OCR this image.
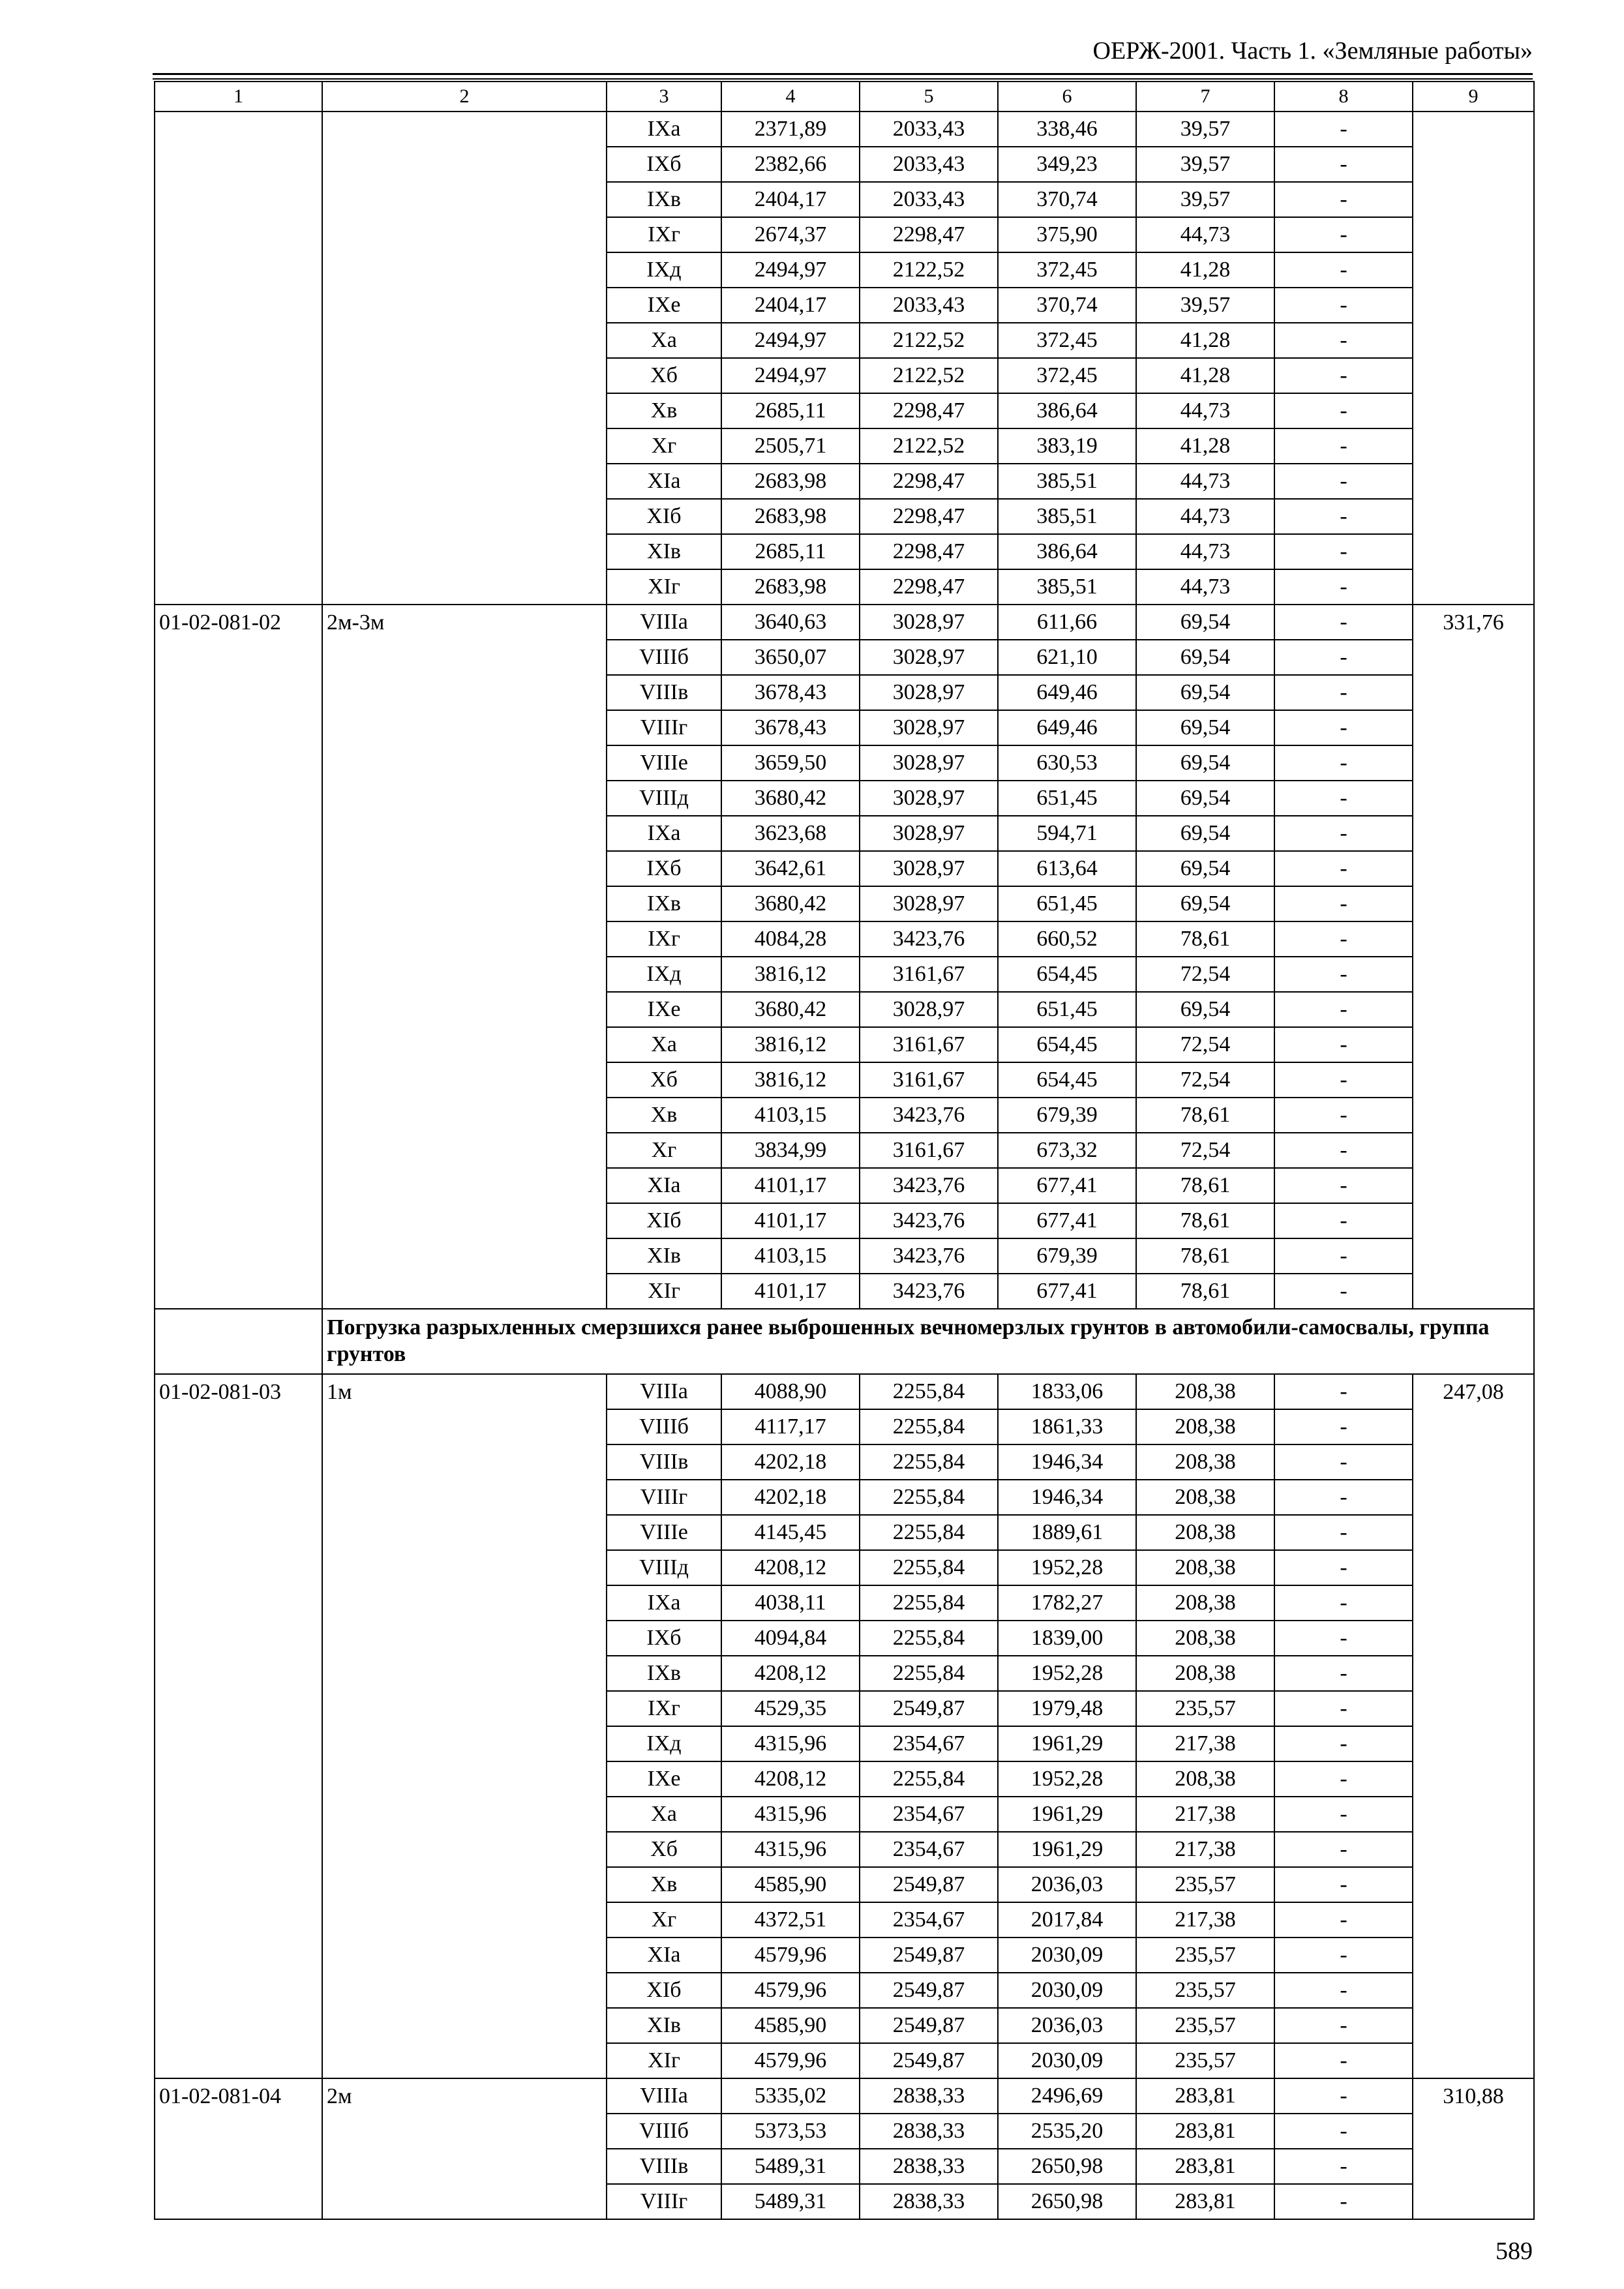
ОЕРЖ-2001. Часть 1. «Земляные работы»
1	2	3	4	5	6	7	8	9
		IXа	2371,89	2033,43	338,46	39,57	-	
		IXб	2382,66	2033,43	349,23	39,57	-	
		IXв	2404,17	2033,43	370,74	39,57	-	
		IXг	2674,37	2298,47	375,90	44,73	-	
		IXд	2494,97	2122,52	372,45	41,28	-	
		IXе	2404,17	2033,43	370,74	39,57	-	
		Xа	2494,97	2122,52	372,45	41,28	-	
		Xб	2494,97	2122,52	372,45	41,28	-	
		Xв	2685,11	2298,47	386,64	44,73	-	
		Xг	2505,71	2122,52	383,19	41,28	-	
		XIа	2683,98	2298,47	385,51	44,73	-	
		XIб	2683,98	2298,47	385,51	44,73	-	
		XIв	2685,11	2298,47	386,64	44,73	-	
		XIг	2683,98	2298,47	385,51	44,73	-	
01-02-081-02	2м-3м	VIIIа	3640,63	3028,97	611,66	69,54	-	331,76
		VIIIб	3650,07	3028,97	621,10	69,54	-	
		VIIIв	3678,43	3028,97	649,46	69,54	-	
		VIIIг	3678,43	3028,97	649,46	69,54	-	
		VIIIе	3659,50	3028,97	630,53	69,54	-	
		VIIIд	3680,42	3028,97	651,45	69,54	-	
		IXа	3623,68	3028,97	594,71	69,54	-	
		IXб	3642,61	3028,97	613,64	69,54	-	
		IXв	3680,42	3028,97	651,45	69,54	-	
		IXг	4084,28	3423,76	660,52	78,61	-	
		IXд	3816,12	3161,67	654,45	72,54	-	
		IXе	3680,42	3028,97	651,45	69,54	-	
		Xа	3816,12	3161,67	654,45	72,54	-	
		Xб	3816,12	3161,67	654,45	72,54	-	
		Xв	4103,15	3423,76	679,39	78,61	-	
		Xг	3834,99	3161,67	673,32	72,54	-	
		XIа	4101,17	3423,76	677,41	78,61	-	
		XIб	4101,17	3423,76	677,41	78,61	-	
		XIв	4103,15	3423,76	679,39	78,61	-	
		XIг	4101,17	3423,76	677,41	78,61	-	
	Погрузка разрыхленных смерзшихся ранее выброшенных вечномерзлых грунтов в автомобили-самосвалы, группа грунтов							
01-02-081-03	1м	VIIIа	4088,90	2255,84	1833,06	208,38	-	247,08
		VIIIб	4117,17	2255,84	1861,33	208,38	-	
		VIIIв	4202,18	2255,84	1946,34	208,38	-	
		VIIIг	4202,18	2255,84	1946,34	208,38	-	
		VIIIе	4145,45	2255,84	1889,61	208,38	-	
		VIIIд	4208,12	2255,84	1952,28	208,38	-	
		IXа	4038,11	2255,84	1782,27	208,38	-	
		IXб	4094,84	2255,84	1839,00	208,38	-	
		IXв	4208,12	2255,84	1952,28	208,38	-	
		IXг	4529,35	2549,87	1979,48	235,57	-	
		IXд	4315,96	2354,67	1961,29	217,38	-	
		IXе	4208,12	2255,84	1952,28	208,38	-	
		Xа	4315,96	2354,67	1961,29	217,38	-	
		Xб	4315,96	2354,67	1961,29	217,38	-	
		Xв	4585,90	2549,87	2036,03	235,57	-	
		Xг	4372,51	2354,67	2017,84	217,38	-	
		XIа	4579,96	2549,87	2030,09	235,57	-	
		XIб	4579,96	2549,87	2030,09	235,57	-	
		XIв	4585,90	2549,87	2036,03	235,57	-	
		XIг	4579,96	2549,87	2030,09	235,57	-	
01-02-081-04	2м	VIIIа	5335,02	2838,33	2496,69	283,81	-	310,88
		VIIIб	5373,53	2838,33	2535,20	283,81	-	
		VIIIв	5489,31	2838,33	2650,98	283,81	-	
		VIIIг	5489,31	2838,33	2650,98	283,81	-	
589
